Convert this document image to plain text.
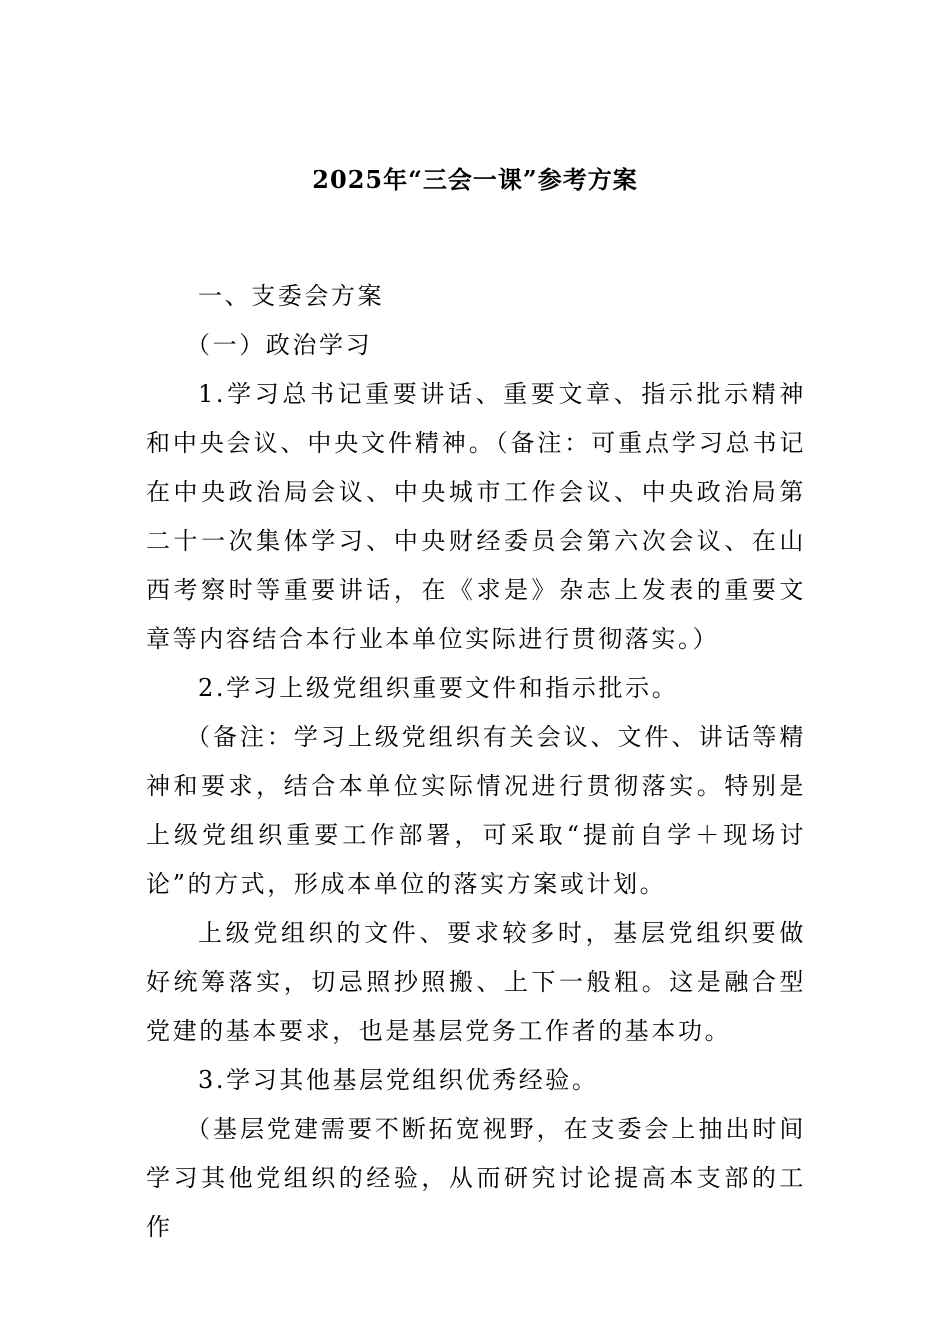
2025年“三会一课”参考方案

一、支委会方案

（一）政治学习

1.学习总书记重要讲话、重要文章、指示批示精神和中央会议、中央文件精神。（备注：可重点学习总书记在中央政治局会议、中央城市工作会议、中央政治局第二十一次集体学习、中央财经委员会第六次会议、在山西考察时等重要讲话，在《求是》杂志上发表的重要文章等内容结合本行业本单位实际进行贯彻落实。）

2.学习上级党组织重要文件和指示批示。

（备注：学习上级党组织有关会议、文件、讲话等精神和要求，结合本单位实际情况进行贯彻落实。特别是上级党组织重要工作部署，可采取“提前自学＋现场讨论”的方式，形成本单位的落实方案或计划。

上级党组织的文件、要求较多时，基层党组织要做好统筹落实，切忌照抄照搬、上下一般粗。这是融合型党建的基本要求，也是基层党务工作者的基本功。

3.学习其他基层党组织优秀经验。

（基层党建需要不断拓宽视野，在支委会上抽出时间学习其他党组织的经验，从而研究讨论提高本支部的工作
